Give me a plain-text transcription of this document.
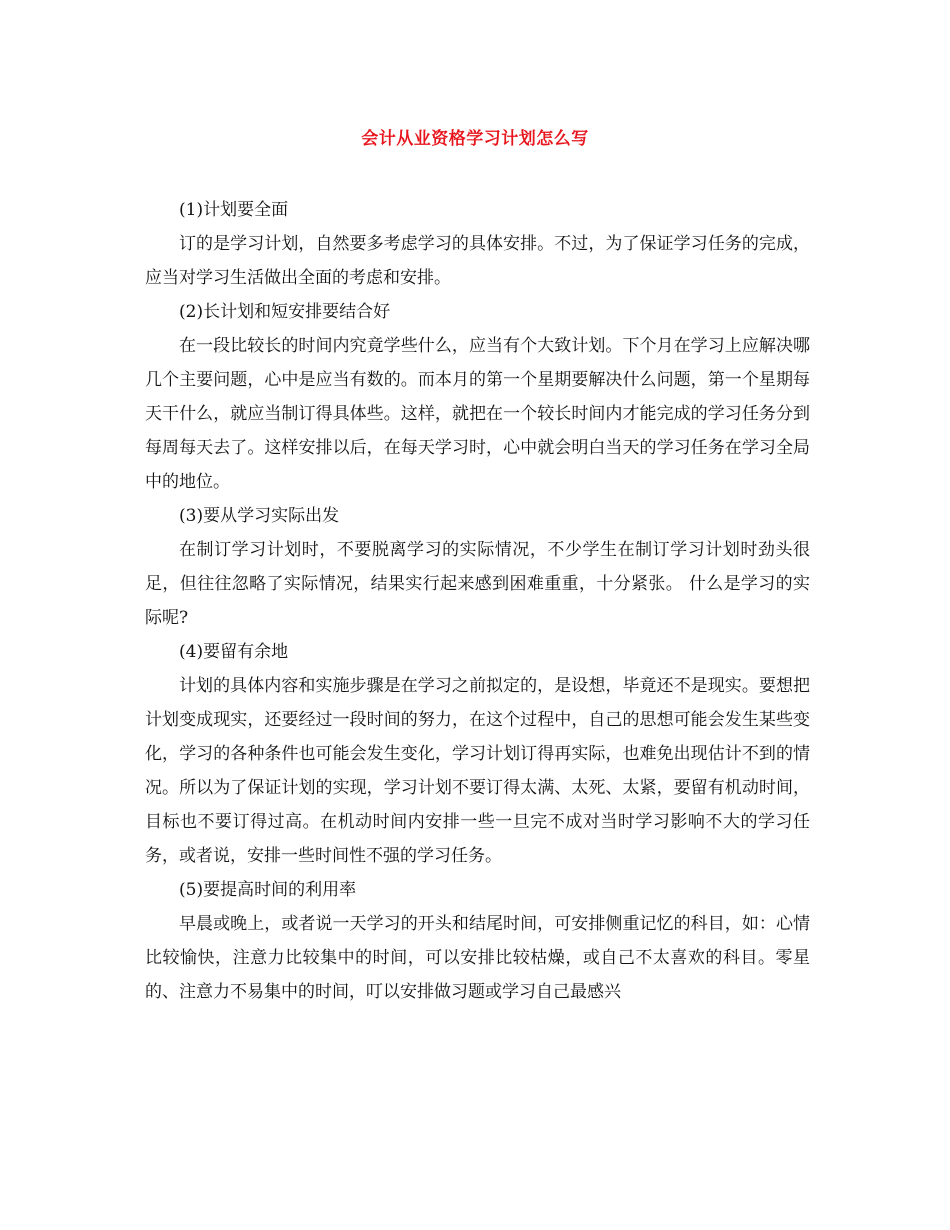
会计从业资格学习计划怎么写

(1)计划要全面

订的是学习计划，自然要多考虑学习的具体安排。不过，为了保证学习任务的完成，应当对学习生活做出全面的考虑和安排。

(2)长计划和短安排要结合好

在一段比较长的时间内究竟学些什么，应当有个大致计划。下个月在学习上应解决哪几个主要问题，心中是应当有数的。而本月的第一个星期要解决什么问题，第一个星期每天干什么，就应当制订得具体些。这样，就把在一个较长时间内才能完成的学习任务分到每周每天去了。这样安排以后，在每天学习时，心中就会明白当天的学习任务在学习全局中的地位。

(3)要从学习实际出发

在制订学习计划时，不要脱离学习的实际情况，不少学生在制订学习计划时劲头很足，但往往忽略了实际情况，结果实行起来感到困难重重，十分紧张。 什么是学习的实际呢?

(4)要留有余地

计划的具体内容和实施步骤是在学习之前拟定的，是设想，毕竟还不是现实。要想把计划变成现实，还要经过一段时间的努力，在这个过程中，自己的思想可能会发生某些变化，学习的各种条件也可能会发生变化，学习计划订得再实际，也难免出现估计不到的情况。所以为了保证计划的实现，学习计划不要订得太满、太死、太紧，要留有机动时间，目标也不要订得过高。在机动时间内安排一些一旦完不成对当时学习影响不大的学习任务，或者说，安排一些时间性不强的学习任务。

(5)要提高时间的利用率

早晨或晚上，或者说一天学习的开头和结尾时间，可安排侧重记忆的科目，如：心情比较愉快，注意力比较集中的时间，可以安排比较枯燥，或自己不太喜欢的科目。零星的、注意力不易集中的时间，叮以安排做习题或学习自己最感兴
